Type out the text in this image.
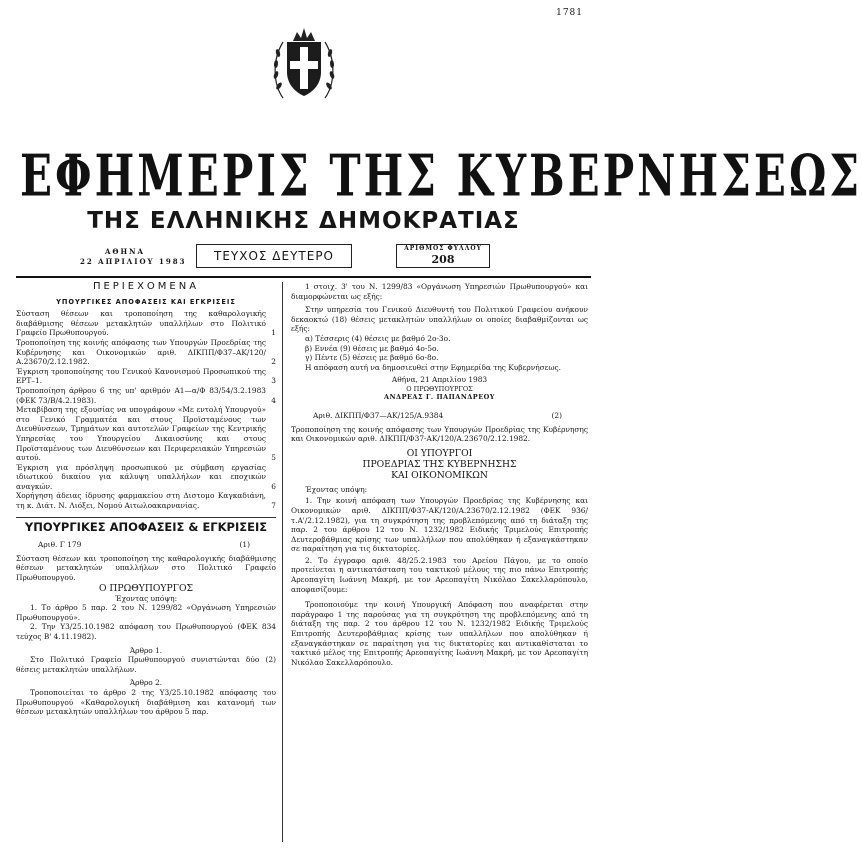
1781
ΕΦΗΜΕΡΙΣ ΤΗΣ ΚΥΒΕΡΝΗΣΕΩΣ
ΤΗΣ ΕΛΛΗΝΙΚΗΣ ΔΗΜΟΚΡΑΤΙΑΣ
ΑΘΗΝΑ
22 ΑΠΡΙΛΙΟΥ 1983	ΤΕΥΧΟΣ ΔΕΥΤΕΡΟ
ΑΡΙΘΜΟΣ ΦΥΛΛΟΥ
208
ΠΕΡΙΕΧΟΜΕΝΑ
ΥΠΟΥΡΓΙΚΕΣ ΑΠΟΦΑΣΕΙΣ ΚΑΙ ΕΓΚΡΙΣΕΙΣ
Σύσταση θέσεων και τροποποίηση της καθαρολογικής διαβάθμισης θέσεων μετακλητών υπαλλήλων στο Πολιτικό Γραφείο Πρωθυπουργού.	1
Τροποποίηση της κοινής απόφασης των Υπουργών Προεδρίας της Κυβέρνησης και Οικονομικών αριθ. ΔΙΚΠΠ/Φ37–ΑΚ/120/Α.23670/2.12.1982.	2
Έγκριση τροποποίησης του Γενικού Κανονισμού Προσωπικού της ΕΡΤ–1.	3
Τροποποίηση άρθρου 6 της υπ' αριθμόν Α1—α/Φ 83/54/3.2.1983 (ΦΕΚ 73/Β/4.2.1983).	4
Μεταβίβαση της εξουσίας να υπογράφουν «Με εντολή Υπουργού» στο Γενικό Γραμματέα και στους Προϊσταμένους των Διευθύνσεων, Τμημάτων και αυτοτελών Γραφείων της Κεντρικής Υπηρεσίας του Υπουργείου Δικαιοσύνης και στους Προϊσταμένους των Διευθύνσεων και Περιφερειακών Υπηρεσιών αυτού.	5
Έγκριση για πρόσληψη προσωπικού με σύμβαση εργασίας ιδιωτικού δικαίου για κάλυψη υπαλλήλων και εποχικών αναγκών.	6
Χορήγηση άδειας ίδρυσης φαρμακείου στη Διστομο Καγκαδιάνη, τη κ. Διάτ. Ν. Λιόξει, Νομού Αιτωλοακαρνανίας.	7
ΥΠΟΥΡΓΙΚΕΣ ΑΠΟΦΑΣΕΙΣ & ΕΓΚΡΙΣΕΙΣ
Αριθ. Γ 179	(1)

Σύσταση θέσεων και τροποποίηση της καθαρολογικής διαβάθμισης θέσεων μετακλητών υπαλλήλων στο Πολιτικό Γραφείο Πρωθυπουργού.

Ο ΠΡΩΘΥΠΟΥΡΓΟΣ

Έχοντας υπόψη:

1. Το άρθρο 5 παρ. 2 του Ν. 1299/82 «Οργάνωση Υπηρεσιών Πρωθυπουργού».

2. Την Υ3/25.10.1982 απόφαση του Πρωθυπουργού (ΦΕΚ 834 τεύχος Β' 4.11.1982).

Άρθρο 1.

Στο Πολιτικό Γραφείο Πρωθυπουργού συνιστώνται δύο (2) θέσεις μετακλητών υπαλλήλων.

Άρθρο 2.

Τροποποιείται το άρθρο 2 της Υ3/25.10.1982 απόφασης του Πρωθυπουργού «Καθαρολογική διαβάθμιση και κατανομή των θέσεων μετακλητών υπαλλήλων του άρθρου 5 παρ.

1 στοιχ. 3' του Ν. 1299/83 «Οργάνωση Υπηρεσιών Πρωθυπουργού» και διαμορφώνεται ως εξής:

Στην υπηρεσία του Γενικού Διευθυντή του Πολιτικού Γραφείου ανήκουν δεκαοκτώ (18) θέσεις μετακλητών υπαλλήλων οι οποίες διαβαθμίζονται ως εξής:

α) Τέσσερις (4) θέσεις με βαθμό 2ο-3ο.

β) Εννέα (9) θέσεις με βαθμό 4ο-5ο.

γ) Πέντε (5) θέσεις με βαθμό 6ο-8ο.

Η απόφαση αυτή να δημοσιευθεί στην Εφημερίδα της Κυβερνήσεως.

Αθήνα, 21 Απριλίου 1983

Ο ΠΡΩΘΥΠΟΥΡΓΟΣ
ΑΝΔΡΕΑΣ Γ. ΠΑΠΑΝΔΡΕΟΥ
Αριθ. ΔΙΚΠΠ/Φ37—ΑΚ/125/Α.9384	(2)

Τροποποίηση της κοινής απόφασης των Υπουργών Προεδρίας της Κυβέρνησης και Οικονομικών αριθ. ΔΙΚΠΠ/Φ37-ΑΚ/120/Α.23670/2.12.1982.

ΟΙ ΥΠΟΥΡΓΟΙ
ΠΡΟΕΔΡΙΑΣ ΤΗΣ ΚΥΒΕΡΝΗΣΗΣ
ΚΑΙ ΟΙΚΟΝΟΜΙΚΩΝ

Έχοντας υπόψη:

1. Την κοινή απόφαση των Υπουργών Προεδρίας της Κυβέρνησης και Οικονομικών αριθ. ΔΙΚΠΠ/Φ37-ΑΚ/120/Α.23670/2.12.1982 (ΦΕΚ 936/τ.Α'/2.12.1982), για τη συγκρότηση της προβλεπόμενης από τη διάταξη της παρ. 2 του άρθρου 12 του Ν. 1232/1982 Ειδικής Τριμελούς Επιτροπής Δευτεροβάθμιας κρίσης των υπαλλήλων που απολύθηκαν ή εξαναγκάστηκαν σε παραίτηση για τις δικτατορίες.

2. Το έγγραφο αριθ. 48/25.2.1983 του Αρείου Πάγου, με το οποίο προτείνεται η αντικατάσταση του τακτικού μέλους της πιο πάνω Επιτροπής Αρεοπαγίτη Ιωάννη Μακρή, με τον Αρεοπαγίτη Νικόλαο Σακελλαρόπουλο, αποφασίζουμε:

Τροποποιούμε την κοινή Υπουργική Απόφαση που αναφέρεται στην παράγραφο 1 της παρούσας για τη συγκρότηση της προβλεπόμενης από τη διάταξη της παρ. 2 του άρθρου 12 του Ν. 1232/1982 Ειδικής Τριμελούς Επιτροπής Δευτεροβάθμιας κρίσης των υπαλλήλων που απολύθηκαν ή εξαναγκάστηκαν σε παραίτηση για τις δικτατορίες και αντικαθίσταται το τακτικό μέλος της Επιτροπής Αρεοπαγίτης Ιωάννη Μακρή, με τον Αρεοπαγίτη Νικόλαο Σακελλαρόπουλο.
